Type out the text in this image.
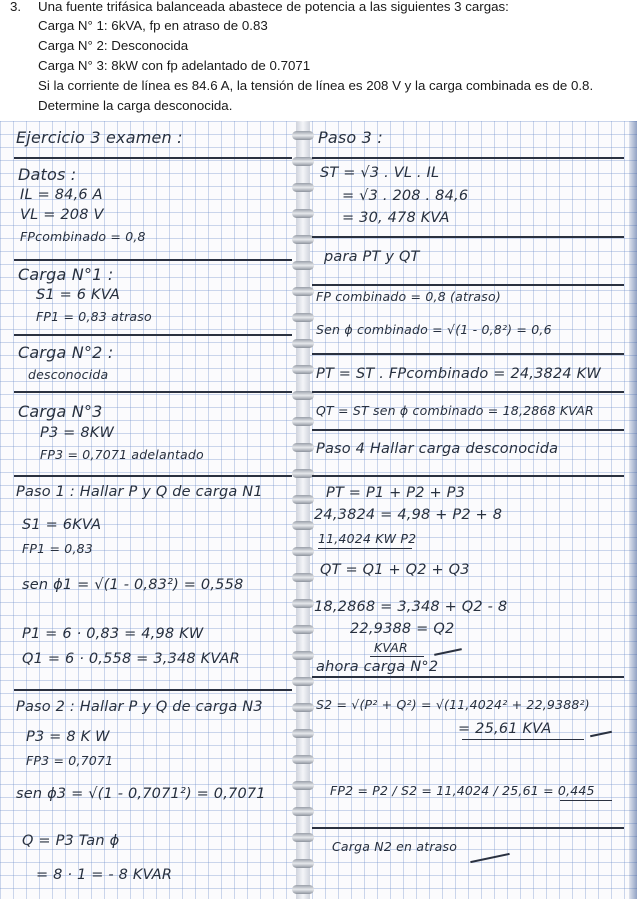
3. Una fuente trifásica balanceada abastece de potencia a las siguientes 3 cargas:
Carga N° 1: 6kVA, fp en atraso de 0.83
Carga N° 2: Desconocida
Carga N° 3: 8kW con fp adelantado de 0.7071
Si la corriente de línea es 84.6 A, la tensión de línea es 208 V y la carga combinada es de 0.8.
Determine la carga desconocida.
Ejercicio 3 examen :
Datos :
IL = 84,6 A
VL = 208 V
FPcombinado = 0,8
Carga N°1 :
S1 = 6 KVA
FP1 = 0,83 atraso
Carga N°2 :
desconocida
Carga N°3
P3 = 8KW
FP3 = 0,7071 adelantado
Paso 1 : Hallar P y Q de carga N1
S1 = 6KVA
FP1 = 0,83
sen ϕ1 = √(1 - 0,83²) = 0,558
P1 = 6 · 0,83 = 4,98 KW
Q1 = 6 · 0,558 = 3,348 KVAR
Paso 2 : Hallar P y Q de carga N3
P3 = 8 K W
FP3 = 0,7071
sen ϕ3 = √(1 - 0,7071²) = 0,7071
Q = P3 Tan ϕ
= 8 · 1 = - 8 KVAR
Paso 3 :
ST = √3 . VL . IL
= √3 . 208 . 84,6
= 30, 478 KVA
para PT y QT
FP combinado = 0,8 (atraso)
Sen ϕ combinado = √(1 - 0,8²) = 0,6
PT = ST . FPcombinado = 24,3824 KW
QT = ST sen ϕ combinado = 18,2868 KVAR
Paso 4 Hallar carga desconocida
PT = P1 + P2 + P3
24,3824 = 4,98 + P2 + 8
11,4024 KW P2
QT = Q1 + Q2 + Q3
18,2868 = 3,348 + Q2 - 8
22,9388 = Q2
KVAR
ahora carga N°2
S2 = √(P² + Q²) = √(11,4024² + 22,9388²)
= 25,61 KVA
FP2 = P2 / S2 = 11,4024 / 25,61 = 0,445
Carga N2 en atraso
